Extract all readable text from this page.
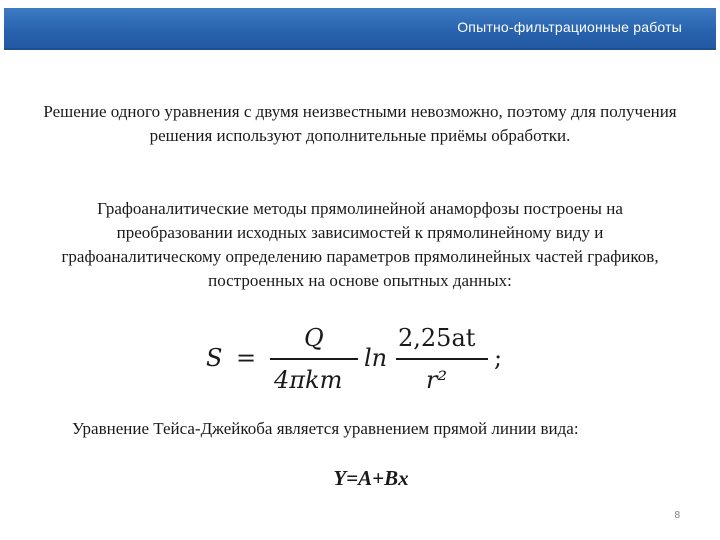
Опытно-фильтрационные работы
Решение одного уравнения с двумя неизвестными невозможно, поэтому для получения решения используют дополнительные приёмы обработки.
Графоаналитические методы прямолинейной анаморфозы построены на преобразовании исходных зависимостей к прямолинейному виду и графоаналитическому определению параметров прямолинейных частей графиков, построенных на основе опытных данных:
S =
Q
4πkm
ln
2,25at
r²
;
Уравнение Тейса-Джейкоба является уравнением прямой линии вида:
Y=A+Bx
8
